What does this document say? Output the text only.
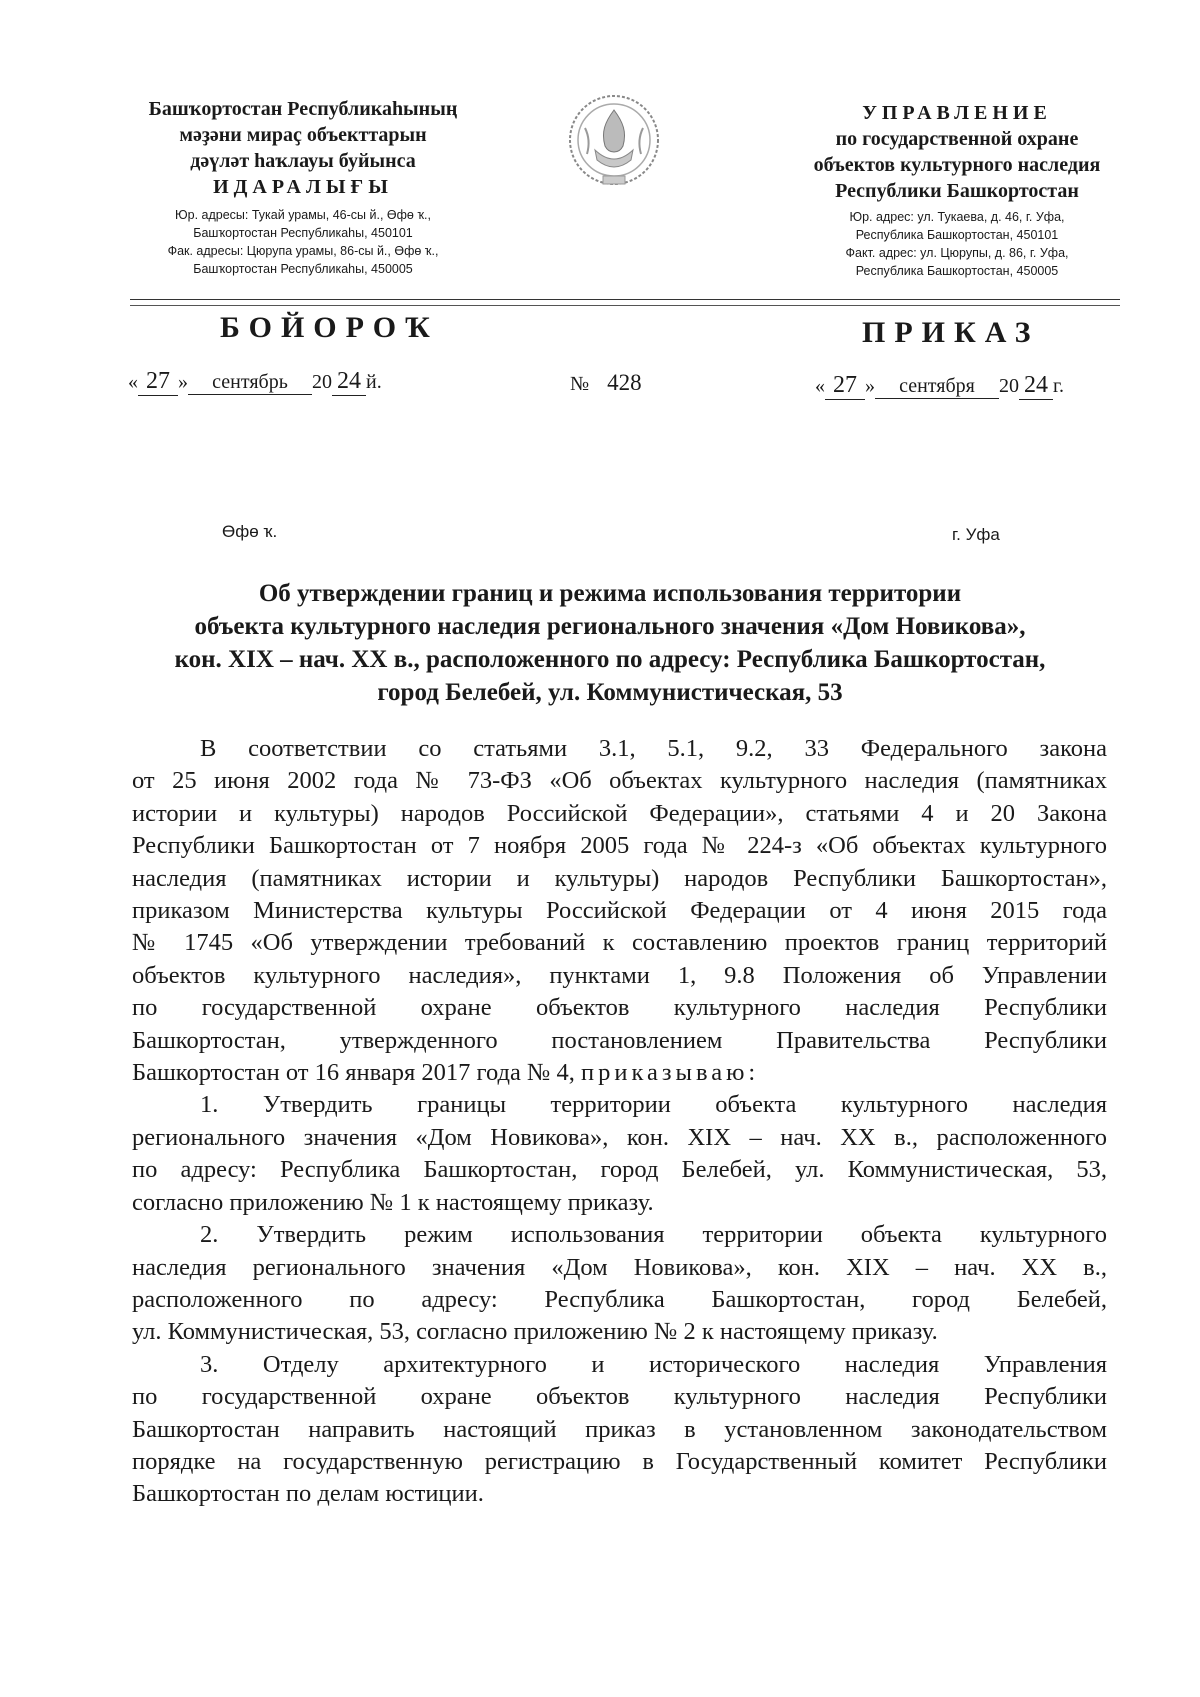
Башҡортостан Республикаһының
мәҙәни мираҫ объекттарын
дәүләт һаҡлауы буйынса
ИДАРАЛЫҒЫ
Юр. адресы: Тукай урамы, 46-сы й., Өфө ҡ.,
Башҡортостан Республикаһы, 450101
Фак. адресы: Цюрупа урамы, 86-сы й., Өфө ҡ.,
Башҡортостан Республикаһы, 450005
УПРАВЛЕНИЕ
по государственной охране
объектов культурного наследия
Республики Башкортостан
Юр. адрес: ул. Тукаева, д. 46, г. Уфа,
Республика Башкортостан, 450101
Факт. адрес: ул. Цюрупы, д. 86, г. Уфа,
Республика Башкортостан, 450005
БОЙОРОҠ	ПРИКАЗ
« 27 » сентябрь 20 24 й.	№ 428	« 27 » сентября 20 24 г.
Өфө ҡ.	г. Уфа
Об утверждении границ и режима использования территории
объекта культурного наследия регионального значения «Дом Новикова»,
кон. XIX – нач. XX в., расположенного по адресу: Республика Башкортостан,
город Белебей, ул. Коммунистическая, 53
В соответствии со статьями 3.1, 5.1, 9.2, 33 Федерального закона
от 25 июня 2002 года № 73-ФЗ «Об объектах культурного наследия (памятниках
истории и культуры) народов Российской Федерации», статьями 4 и 20 Закона
Республики Башкортостан от 7 ноября 2005 года № 224-з «Об объектах культурного
наследия (памятниках истории и культуры) народов Республики Башкортостан»,
приказом Министерства культуры Российской Федерации от 4 июня 2015 года
№ 1745 «Об утверждении требований к составлению проектов границ территорий
объектов культурного наследия», пунктами 1, 9.8 Положения об Управлении
по государственной охране объектов культурного наследия Республики
Башкортостан, утвержденного постановлением Правительства Республики
Башкортостан от 16 января 2017 года № 4, приказываю:
1. Утвердить границы территории объекта культурного наследия
регионального значения «Дом Новикова», кон. XIX – нач. XX в., расположенного
по адресу: Республика Башкортостан, город Белебей, ул. Коммунистическая, 53,
согласно приложению № 1 к настоящему приказу.
2. Утвердить режим использования территории объекта культурного
наследия регионального значения «Дом Новикова», кон. XIX – нач. XX в.,
расположенного по адресу: Республика Башкортостан, город Белебей,
ул. Коммунистическая, 53, согласно приложению № 2 к настоящему приказу.
3. Отделу архитектурного и исторического наследия Управления
по государственной охране объектов культурного наследия Республики
Башкортостан направить настоящий приказ в установленном законодательством
порядке на государственную регистрацию в Государственный комитет Республики
Башкортостан по делам юстиции.
